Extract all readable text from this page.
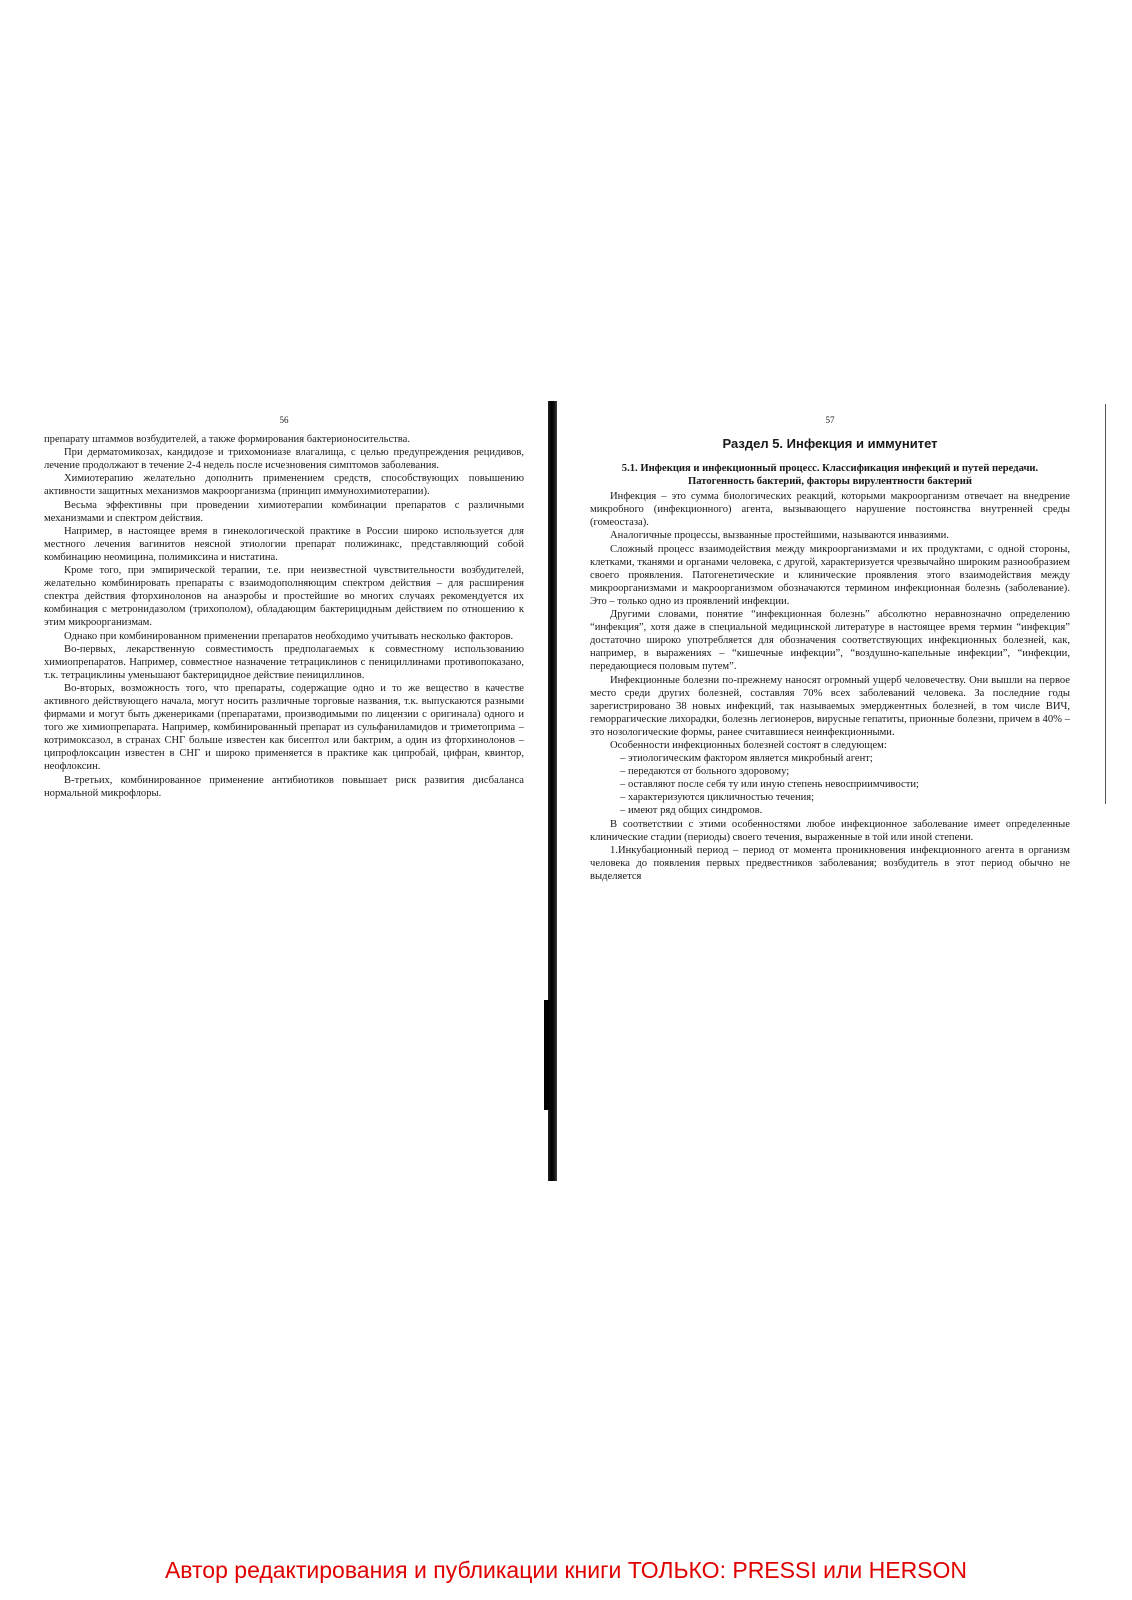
56

препарату штаммов возбудителей, а также формирования бактерионосительства.

При дерматомикозах, кандидозе и трихомониазе влагалища, с целью предупреждения рецидивов, лечение продолжают в течение 2-4 недель после исчезновения симптомов заболевания.

Химиотерапию желательно дополнить применением средств, способствующих повышению активности защитных механизмов макроорганизма (принцип иммунохимиотерапии).

Весьма эффективны при проведении химиотерапии комбинации препаратов с различными механизмами и спектром действия.

Например, в настоящее время в гинекологической практике в России широко используется для местного лечения вагинитов неясной этиологии препарат полижинакс, представляющий собой комбинацию неомицина, полимиксина и нистатина.

Кроме того, при эмпирической терапии, т.е. при неизвестной чувствительности возбудителей, желательно комбинировать препараты с взаимодополняющим спектром действия – для расширения спектра действия фторхинолонов на анаэробы и простейшие во многих случаях рекомендуется их комбинация с метронидазолом (трихополом), обладающим бактерицидным действием по отношению к этим микроорганизмам.

Однако при комбинированном применении препаратов необходимо учитывать несколько факторов.

Во-первых, лекарственную совместимость предполагаемых к совместному использованию химиопрепаратов. Например, совместное назначение тетрациклинов с пенициллинами противопоказано, т.к. тетрациклины уменьшают бактерицидное действие пенициллинов.

Во-вторых, возможность того, что препараты, содержащие одно и то же вещество в качестве активного действующего начала, могут носить различные торговые названия, т.к. выпускаются разными фирмами и могут быть дженериками (препаратами, производимыми по лицензии с оригинала) одного и того же химиопрепарата. Например, комбинированный препарат из сульфаниламидов и триметоприма – котримоксазол, в странах СНГ больше известен как бисептол или бактрим, а один из фторхинолонов – ципрофлоксацин известен в СНГ и широко применяется в практике как ципробай, цифран, квинтор, неофлоксин.

В-третьих, комбинированное применение антибиотиков повышает риск развития дисбаланса нормальной микрофлоры.

57
Раздел 5. Инфекция и иммунитет
5.1. Инфекция и инфекционный процесс. Классификация инфекций и путей передачи. Патогенность бактерий, факторы вирулентности бактерий

Инфекция – это сумма биологических реакций, которыми макроорганизм отвечает на внедрение микробного (инфекционного) агента, вызывающего нарушение постоянства внутренней среды (гомеостаза).

Аналогичные процессы, вызванные простейшими, называются инвазиями.

Сложный процесс взаимодействия между микроорганизмами и их продуктами, с одной стороны, клетками, тканями и органами человека, с другой, характеризуется чрезвычайно широким разнообразием своего проявления. Патогенетические и клинические проявления этого взаимодействия между микроорганизмами и макроорганизмом обозначаются термином инфекционная болезнь (заболевание). Это – только одно из проявлений инфекции.

Другими словами, понятие “инфекционная болезнь” абсолютно неравнозначно определению “инфекция”, хотя даже в специальной медицинской литературе в настоящее время термин “инфекция” достаточно широко употребляется для обозначения соответствующих инфекционных болезней, как, например, в выражениях – “кишечные инфекции”, “воздушно-капельные инфекции”, “инфекции, передающиеся половым путем”.

Инфекционные болезни по-прежнему наносят огромный ущерб человечеству. Они вышли на первое место среди других болезней, составляя 70% всех заболеваний человека. За последние годы зарегистрировано 38 новых инфекций, так называемых эмерджентных болезней, в том числе ВИЧ, геморрагические лихорадки, болезнь легионеров, вирусные гепатиты, прионные болезни, причем в 40% – это нозологические формы, ранее считавшиеся неинфекционными.

Особенности инфекционных болезней состоят в следующем:

– этиологическим фактором является микробный агент;
– передаются от больного здоровому;
– оставляют после себя ту или иную степень невосприимчивости;
– характеризуются цикличностью течения;
– имеют ряд общих синдромов.

В соответствии с этими особенностями любое инфекционное заболевание имеет определенные клинические стадии (периоды) своего течения, выраженные в той или иной степени.

1.Инкубационный период – период от момента проникновения инфекционного агента в организм человека до появления первых предвестников заболевания; возбудитель в этот период обычно не выделяется

Автор редактирования и публикации книги ТОЛЬКО: PRESSI или HERSON
